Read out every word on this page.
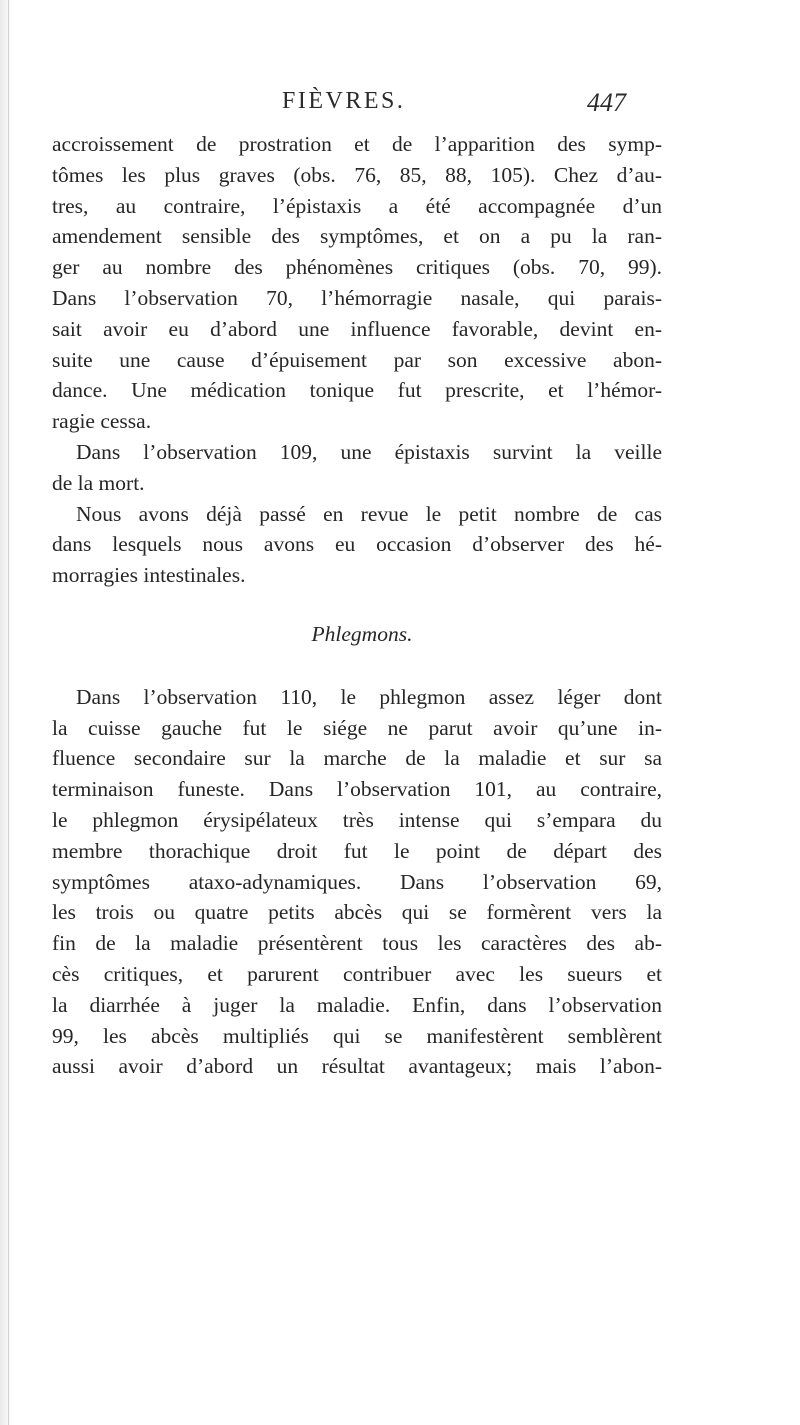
FIÈVRES.	447
accroissement de prostration et de l’apparition des symp-
tômes les plus graves (obs. 76, 85, 88, 105). Chez d’au-
tres, au contraire, l’épistaxis a été accompagnée d’un
amendement sensible des symptômes, et on a pu la ran-
ger au nombre des phénomènes critiques (obs. 70, 99).
Dans l’observation 70, l’hémorragie nasale, qui parais-
sait avoir eu d’abord une influence favorable, devint en-
suite une cause d’épuisement par son excessive abon-
dance. Une médication tonique fut prescrite, et l’hémor-
ragie cessa.
Dans l’observation 109, une épistaxis survint la veille
de la mort.
Nous avons déjà passé en revue le petit nombre de cas
dans lesquels nous avons eu occasion d’observer des hé-
morragies intestinales.
Phlegmons.
Dans l’observation 110, le phlegmon assez léger dont
la cuisse gauche fut le siége ne parut avoir qu’une in-
fluence secondaire sur la marche de la maladie et sur sa
terminaison funeste. Dans l’observation 101, au contraire,
le phlegmon érysipélateux très intense qui s’empara du
membre thorachique droit fut le point de départ des
symptômes ataxo-adynamiques. Dans l’observation 69,
les trois ou quatre petits abcès qui se formèrent vers la
fin de la maladie présentèrent tous les caractères des ab-
cès critiques, et parurent contribuer avec les sueurs et
la diarrhée à juger la maladie. Enfin, dans l’observation
99, les abcès multipliés qui se manifestèrent semblèrent
aussi avoir d’abord un résultat avantageux; mais l’abon-
